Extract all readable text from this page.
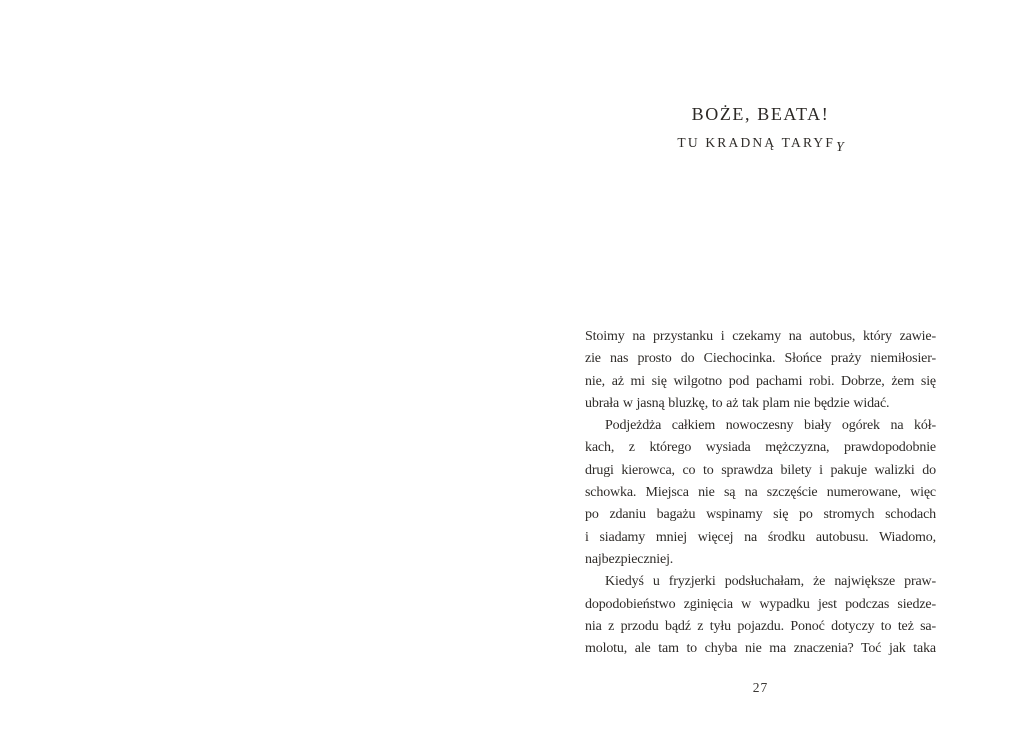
BOŻE, BEATA!
TU KRADNĄ TARYFY
Stoimy na przystanku i czekamy na autobus, który zawie-
zie nas prosto do Ciechocinka. Słońce praży niemiłosier-
nie, aż mi się wilgotno pod pachami robi. Dobrze, żem się
ubrała w jasną bluzkę, to aż tak plam nie będzie widać.
Podjeżdża całkiem nowoczesny biały ogórek na kół-
kach, z którego wysiada mężczyzna, prawdopodobnie
drugi kierowca, co to sprawdza bilety i pakuje walizki do
schowka. Miejsca nie są na szczęście numerowane, więc
po zdaniu bagażu wspinamy się po stromych schodach
i siadamy mniej więcej na środku autobusu. Wiadomo,
najbezpieczniej.
Kiedyś u fryzjerki podsłuchałam, że największe praw-
dopodobieństwo zginięcia w wypadku jest podczas siedze-
nia z przodu bądź z tyłu pojazdu. Ponoć dotyczy to też sa-
molotu, ale tam to chyba nie ma znaczenia? Toć jak taka
27
